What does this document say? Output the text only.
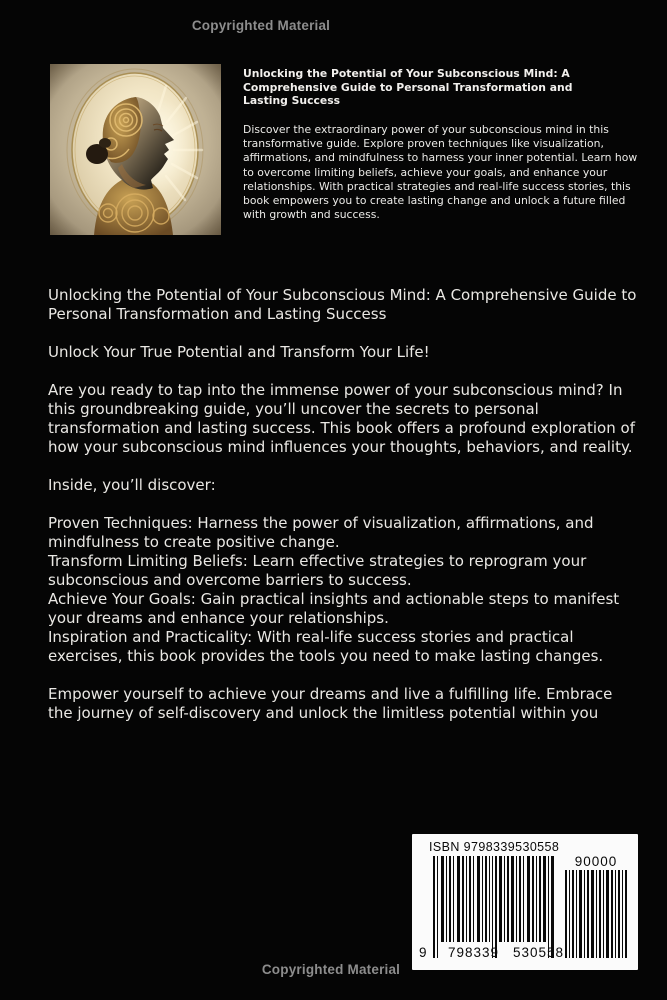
Copyrighted Material
Unlocking the Potential of Your Subconscious Mind: A Comprehensive Guide to Personal Transformation and Lasting Success
Discover the extraordinary power of your subconscious mind in this transformative guide. Explore proven techniques like visualization, affirmations, and mindfulness to harness your inner potential. Learn how to overcome limiting beliefs, achieve your goals, and enhance your relationships. With practical strategies and real-life success stories, this book empowers you to create lasting change and unlock a future filled with growth and success.
Unlocking the Potential of Your Subconscious Mind: A Comprehensive Guide to Personal Transformation and Lasting Success
Unlock Your True Potential and Transform Your Life!
Are you ready to tap into the immense power of your subconscious mind? In this groundbreaking guide, you’ll uncover the secrets to personal transformation and lasting success. This book offers a profound exploration of how your subconscious mind influences your thoughts, behaviors, and reality.
Inside, you’ll discover:
Proven Techniques: Harness the power of visualization, affirmations, and mindfulness to create positive change.
Transform Limiting Beliefs: Learn effective strategies to reprogram your subconscious and overcome barriers to success.
Achieve Your Goals: Gain practical insights and actionable steps to manifest your dreams and enhance your relationships.
Inspiration and Practicality: With real-life success stories and practical exercises, this book provides the tools you need to make lasting changes.
Empower yourself to achieve your dreams and live a fulfilling life. Embrace the journey of self-discovery and unlock the limitless potential within you
ISBN 9798339530558
9 798339 530558
90000
Copyrighted Material
